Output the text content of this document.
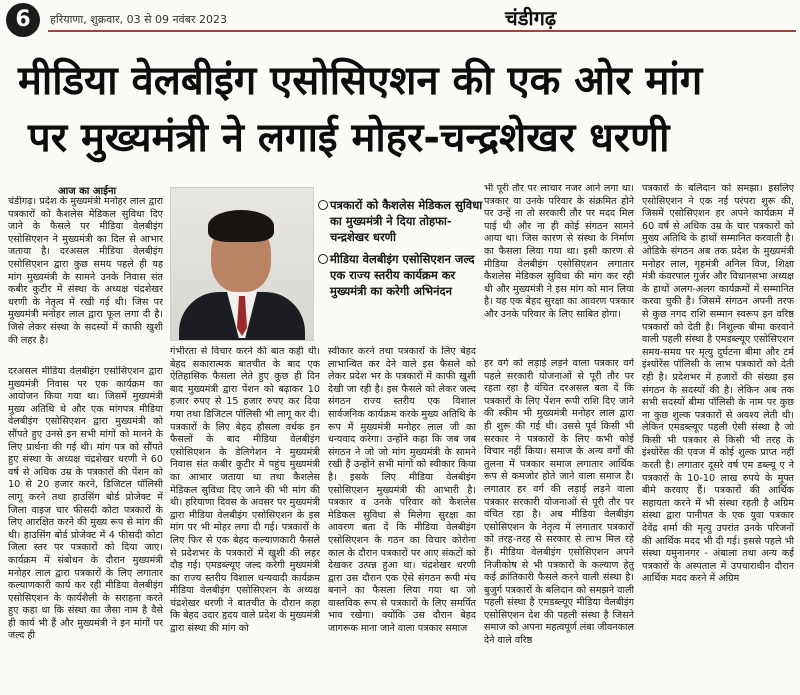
6	हरियाणा, शुक्रवार, 03 से 09 नवंबर 2023	चंडीगढ़
मीडिया वेलबीइंग एसोसिएशन की एक ओर मांग
पर मुख्यमंत्री ने लगाई मोहर-चन्द्रशेखर धरणी
आज का आईना

चंडीगढ़। प्रदेश के मुख्यमंत्री मनोहर लाल द्वारा पत्रकारों को कैशलेस मेडिकल सुविधा दिए जाने के फैसले पर मीडिया वेलबीइंग एसोसिएशन ने मुख्यमंत्री का दिल से आभार जताया है। दरअसल मीडिया वेलबीइंग एसोसिएशन द्वारा कुछ समय पहले ही यह मांग मुख्यमंत्री के सामने उनके निवास संत कबीर कुटीर में संस्था के अध्यक्ष चंद्रशेखर धरणी के नेतृत्व में रखी गई थी। जिस पर मुख्यमंत्री मनोहर लाल द्वारा फूल लगा दी है। जिसे लेकर संस्था के सदस्यों में काफी खुशी की लहर है।

दरअसल मीडिया वेलबीइंग एसोसिएशन द्वारा मुख्यमंत्री निवास पर एक कार्यक्रम का आयोजन किया गया था। जिसमें मुख्यमंत्री मुख्य अतिथि थे और एक मांगपत्र मीडिया वेलबीइंग एसोसिएशन द्वारा मुख्यमंत्री को सौंपते हुए उनसे इन सभी मांगों को मानने के लिए प्रार्थना की गई थी। मांग पत्र को सौंपते हुए संस्था के अध्यक्ष चंद्रशेखर धरणी ने 60 वर्ष से अधिक उम्र के पत्रकारों की पेंशन को 10 से 20 हजार करने, डिजिटल पॉलिसी लागू करने तथा हाउसिंग बोर्ड प्रोजेक्ट में जिला वाइज चार फीसदी कोटा पत्रकारों के लिए आरक्षित करने की मुख्य रूप से मांग की थी। हाउसिंग बोर्ड प्रोजेक्ट में 4 फीसदी कोटा जिला स्तर पर पत्रकारों को दिया जाए। कार्यक्रम में संबोधन के दौरान मुख्यमंत्री मनोहर लाल द्वारा पत्रकारों के लिए लगातार कल्याणकारी कार्य कर रही मीडिया वेलबीइंग एसोसिएशन के कार्यशैली के सराहना करते हुए कहा था कि संस्था का जैसा नाम है वैसे ही कार्य भी हैं और मुख्यमंत्री ने इन मांगों पर जल्द ही

पत्रकारों को कैशलेस मेडिकल सुविधा का मुख्यमंत्री ने दिया तोहफा-चन्द्रशेखर धरणी
मीडिया वेलबीइंग एसोसिएशन जल्द एक राज्य स्तरीय कार्यक्रम कर मुख्यमंत्री का करेगी अभिनंदन

गंभीरता से विचार करने की बात कही थी। बेहद सकारात्मक बातचीत के बाद एक ऐतिहासिक फैसला लेते हुए कुछ ही दिन बाद मुख्यमंत्री द्वारा पेंशन को बढ़ाकर 10 हजार रुपए से 15 हजार रुपए कर दिया गया तथा डिजिटल पॉलिसी भी लागू कर दी। पत्रकारों के लिए बेहद हौसला वर्धक इन फैसलों के बाद मीडिया वेलबीइंग एसोसिएशन के डेलिगेशन ने मुख्यमंत्री निवास संत कबीर कुटीर में पहुंच मुख्यमंत्री का आभार जताया था तथा कैशलेस मेडिकल सुविधा दिए जाने की भी मांग की थी। हरियाणा दिवस के अवसर पर मुख्यमंत्री द्वारा मीडिया वेलबीइंग एसोसिएशन के इस मांग पर भी मोहर लगा दी गई। पत्रकारों के लिए फिर से एक बेहद कल्याणकारी फैसले से प्रदेशभर के पत्रकारों में खुशी की लहर दौड़ गई। एमडब्ल्यूए जल्द करेगी मुख्यमंत्री का राज्य स्तरीय विशाल धन्यवादी कार्यक्रम मीडिया वेलबीइंग एसोसिएशन के अध्यक्ष चंद्रशेखर धरणी ने बातचीत के दौरान कहा कि बेहद उदार हृदय वाले प्रदेश के मुख्यमंत्री द्वारा संस्था की मांग को

स्वीकार करने तथा पत्रकारों के लिए बेहद लाभान्वित कर देने वाले इस फैसले को लेकर प्रदेश भर के पत्रकारों में काफी खुशी देखी जा रही है। इस फैसले को लेकर जल्द संगठन राज्य स्तरीय एक विशाल सार्वजनिक कार्यक्रम करके मुख्य अतिथि के रूप में मुख्यमंत्री मनोहर लाल जी का धन्यवाद करेगा। उन्होंने कहा कि जब जब संगठन ने जो जो मांग मुख्यमंत्री के सामने रखी हैं उन्होंने सभी मांगों को स्वीकार किया है। इसके लिए मीडिया वेलबीइंग एसोसिएशन मुख्यमंत्री की आभारी है। पत्रकार व उनके परिवार को कैशलेस मेडिकल सुविधा से मिलेगा सुरक्षा का आवरण बता दें कि मीडिया वेलबीइंग एसोसिएशन के गठन का विचार कोरोना काल के दौरान पत्रकारों पर आए संकटों को देखकर उत्पन्न हुआ था। चंद्रशेखर धरणी द्वारा उस दौरान एक ऐसे संगठन रूपी मंच बनाने का फैसला लिया गया था जो वास्तविक रूप से पत्रकारों के लिए समर्पित भाव रखेगा। क्योंकि उस दौरान बेहद जागरूक माना जाने वाला पत्रकार समाज

भी पूरी तौर पर लाचार नजर आने लगा था। पत्रकार या उनके परिवार के संक्रमित होने पर उन्हें ना तो सरकारी तौर पर मदद मिल पाई थी और ना ही कोई संगठन सामने आया था। जिस कारण से संस्था के निर्माण का फैसला लिया गया था। इसी कारण से मीडिया वेलबीइंग एसोसिएशन लगातार कैशलेस मेडिकल सुविधा की मांग कर रही थी और मुख्यमंत्री ने इस मांग को मान लिया है। यह एक बेहद सुरक्षा का आवरण पत्रकार और उनके परिवार के लिए साबित होगा।

हर वर्ग को लड़ाई लड़ने वाला पत्रकार वर्ग पहले सरकारी योजनाओं से पूरी तौर पर रहता रहा है वंचित दरअसल बता दें कि पत्रकारों के लिए पेंशन रूपी राशि दिए जाने की स्कीम भी मुख्यमंत्री मनोहर लाल द्वारा ही शुरू की गई थी। उससे पूर्व किसी भी सरकार ने पत्रकारों के लिए कभी कोई विचार नहीं किया। समाज के अन्य वर्गों की तुलना में पत्रकार समाज लगातार आर्थिक रूप से कमजोर होते जाने वाला समाज है। लगातार हर वर्ग की लड़ाई लड़ने वाला पत्रकार सरकारी योजनाओं से पूरी तौर पर वंचित रहा है। अब मीडिया वेलबीइंग एसोसिएशन के नेतृत्व में लगातार पत्रकारों को तरह-तरह से सरकार से लाभ मिल रहे हैं। मीडिया वेलबीइंग एसोसिएशन अपने निजीकोष से भी पत्रकारों के कल्याण हेतु कई क्रांतिकारी फैसले करने वाली संस्था है। बुजुर्ग पत्रकारों के बलिदान को समझने वाली पहली संस्था है एमडब्ल्यूए मीडिया वेलबीइंग एसोसिएशन देश की पहली संस्था है जिसने समाज को अपना महत्वपूर्ण लंबा जीवनकाल देने वाले वरिष्ठ

पत्रकारों के बलिदान को समझा। इसलिए एसोसिएशन ने एक नई परंपरा शुरू की, जिसमें एसोसिएशन हर अपने कार्यक्रम में 60 वर्ष से अधिक उम्र के चार पत्रकारों को मुख्य अतिथि के हाथों सम्मानित करवाती है। ओडिके संगठन अब तक प्रदेश के मुख्यमंत्री मनोहर लाल, गृहमंत्री अनिल विज, शिक्षा मंत्री कंवरपाल गुर्जर और विधानसभा अध्यक्ष के हाथों अलग-अलग कार्यक्रमों में सम्मानित करवा चुकी है। जिसमें संगठन अपनी तरफ से कुछ नगद राशि सम्मान स्वरूप इन वरिष्ठ पत्रकारों को देती है। निशुल्क बीमा करवाने वाली पहली संस्था है एमडब्ल्यूए एसोसिएशन समय-समय पर मृत्यु दुर्घटना बीमा और टर्म इंश्योरेंस पॉलिसी के लाभ पत्रकारों को देती रही है। प्रदेशभर में हजारों की संख्या इस संगठन के सदस्यों की है। लेकिन अब तक सभी सदस्यों बीमा पॉलिसी के नाम पर कुछ ना कुछ शुल्क पत्रकारों से अवश्य लेती थी। लेकिन एमडब्ल्यूए पहली ऐसी संस्था है जो किसी भी पत्रकार से किसी भी तरह के इंश्योरेंस की एवज में कोई शुल्क प्राप्त नहीं करती है। लगातार दूसरे वर्ष एम डब्ल्यू ए ने पत्रकारों के 10-10 लाख रुपये के मुफ्त बीमे करवाए हैं। पत्रकारों की आर्थिक सहायता करने में भी संस्था रहती है अग्रिम संस्था द्वारा पानीपत के एक युवा पत्रकार देवेंद्र शर्मा की मृत्यु उपरांत उनके परिजनों की आर्थिक मदद भी दी गई। इससे पहले भी संस्था यमुनानगर - अंबाला तथा अन्य कई पत्रकारों के अस्पताल में उपचाराधीन दौरान आर्थिक मदद करने में अग्रिम
